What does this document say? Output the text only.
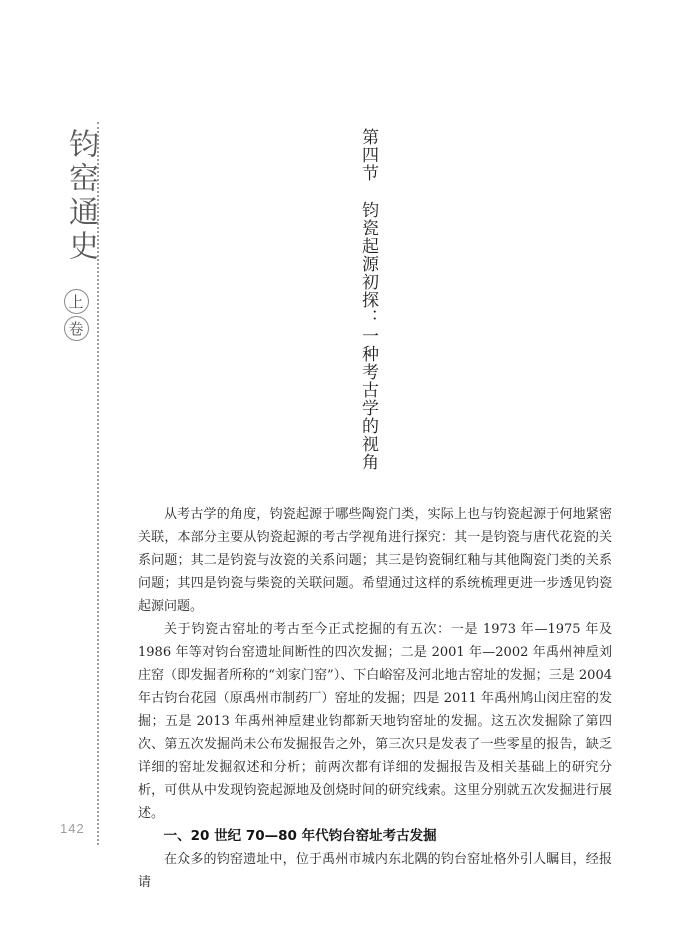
钧窑通史
上
卷
第四节 钧瓷起源初探：一种考古学的视角

从考古学的角度，钧瓷起源于哪些陶瓷门类，实际上也与钧瓷起源于何地紧密关联，本部分主要从钧瓷起源的考古学视角进行探究：其一是钧瓷与唐代花瓷的关系问题；其二是钧瓷与汝瓷的关系问题；其三是钧瓷铜红釉与其他陶瓷门类的关系问题；其四是钧瓷与柴瓷的关联问题。希望通过这样的系统梳理更进一步透见钧瓷起源问题。

关于钧瓷古窑址的考古至今正式挖掘的有五次：一是 1973 年—1975 年及 1986 年等对钧台窑遗址间断性的四次发掘；二是 2001 年—2002 年禹州神垕刘庄窑（即发掘者所称的“刘家门窑”）、下白峪窑及河北地古窑址的发掘；三是 2004 年古钧台花园（原禹州市制药厂）窑址的发掘；四是 2011 年禹州鸠山闵庄窑的发掘；五是 2013 年禹州神垕建业钧都新天地钧窑址的发掘。这五次发掘除了第四次、第五次发掘尚未公布发掘报告之外，第三次只是发表了一些零星的报告，缺乏详细的窑址发掘叙述和分析；前两次都有详细的发掘报告及相关基础上的研究分析，可供从中发现钧瓷起源地及创烧时间的研究线索。这里分别就五次发掘进行展述。

一、20 世纪 70—80 年代钧台窑址考古发掘

在众多的钧窑遗址中，位于禹州市城内东北隅的钧台窑址格外引人瞩目，经报请

142
